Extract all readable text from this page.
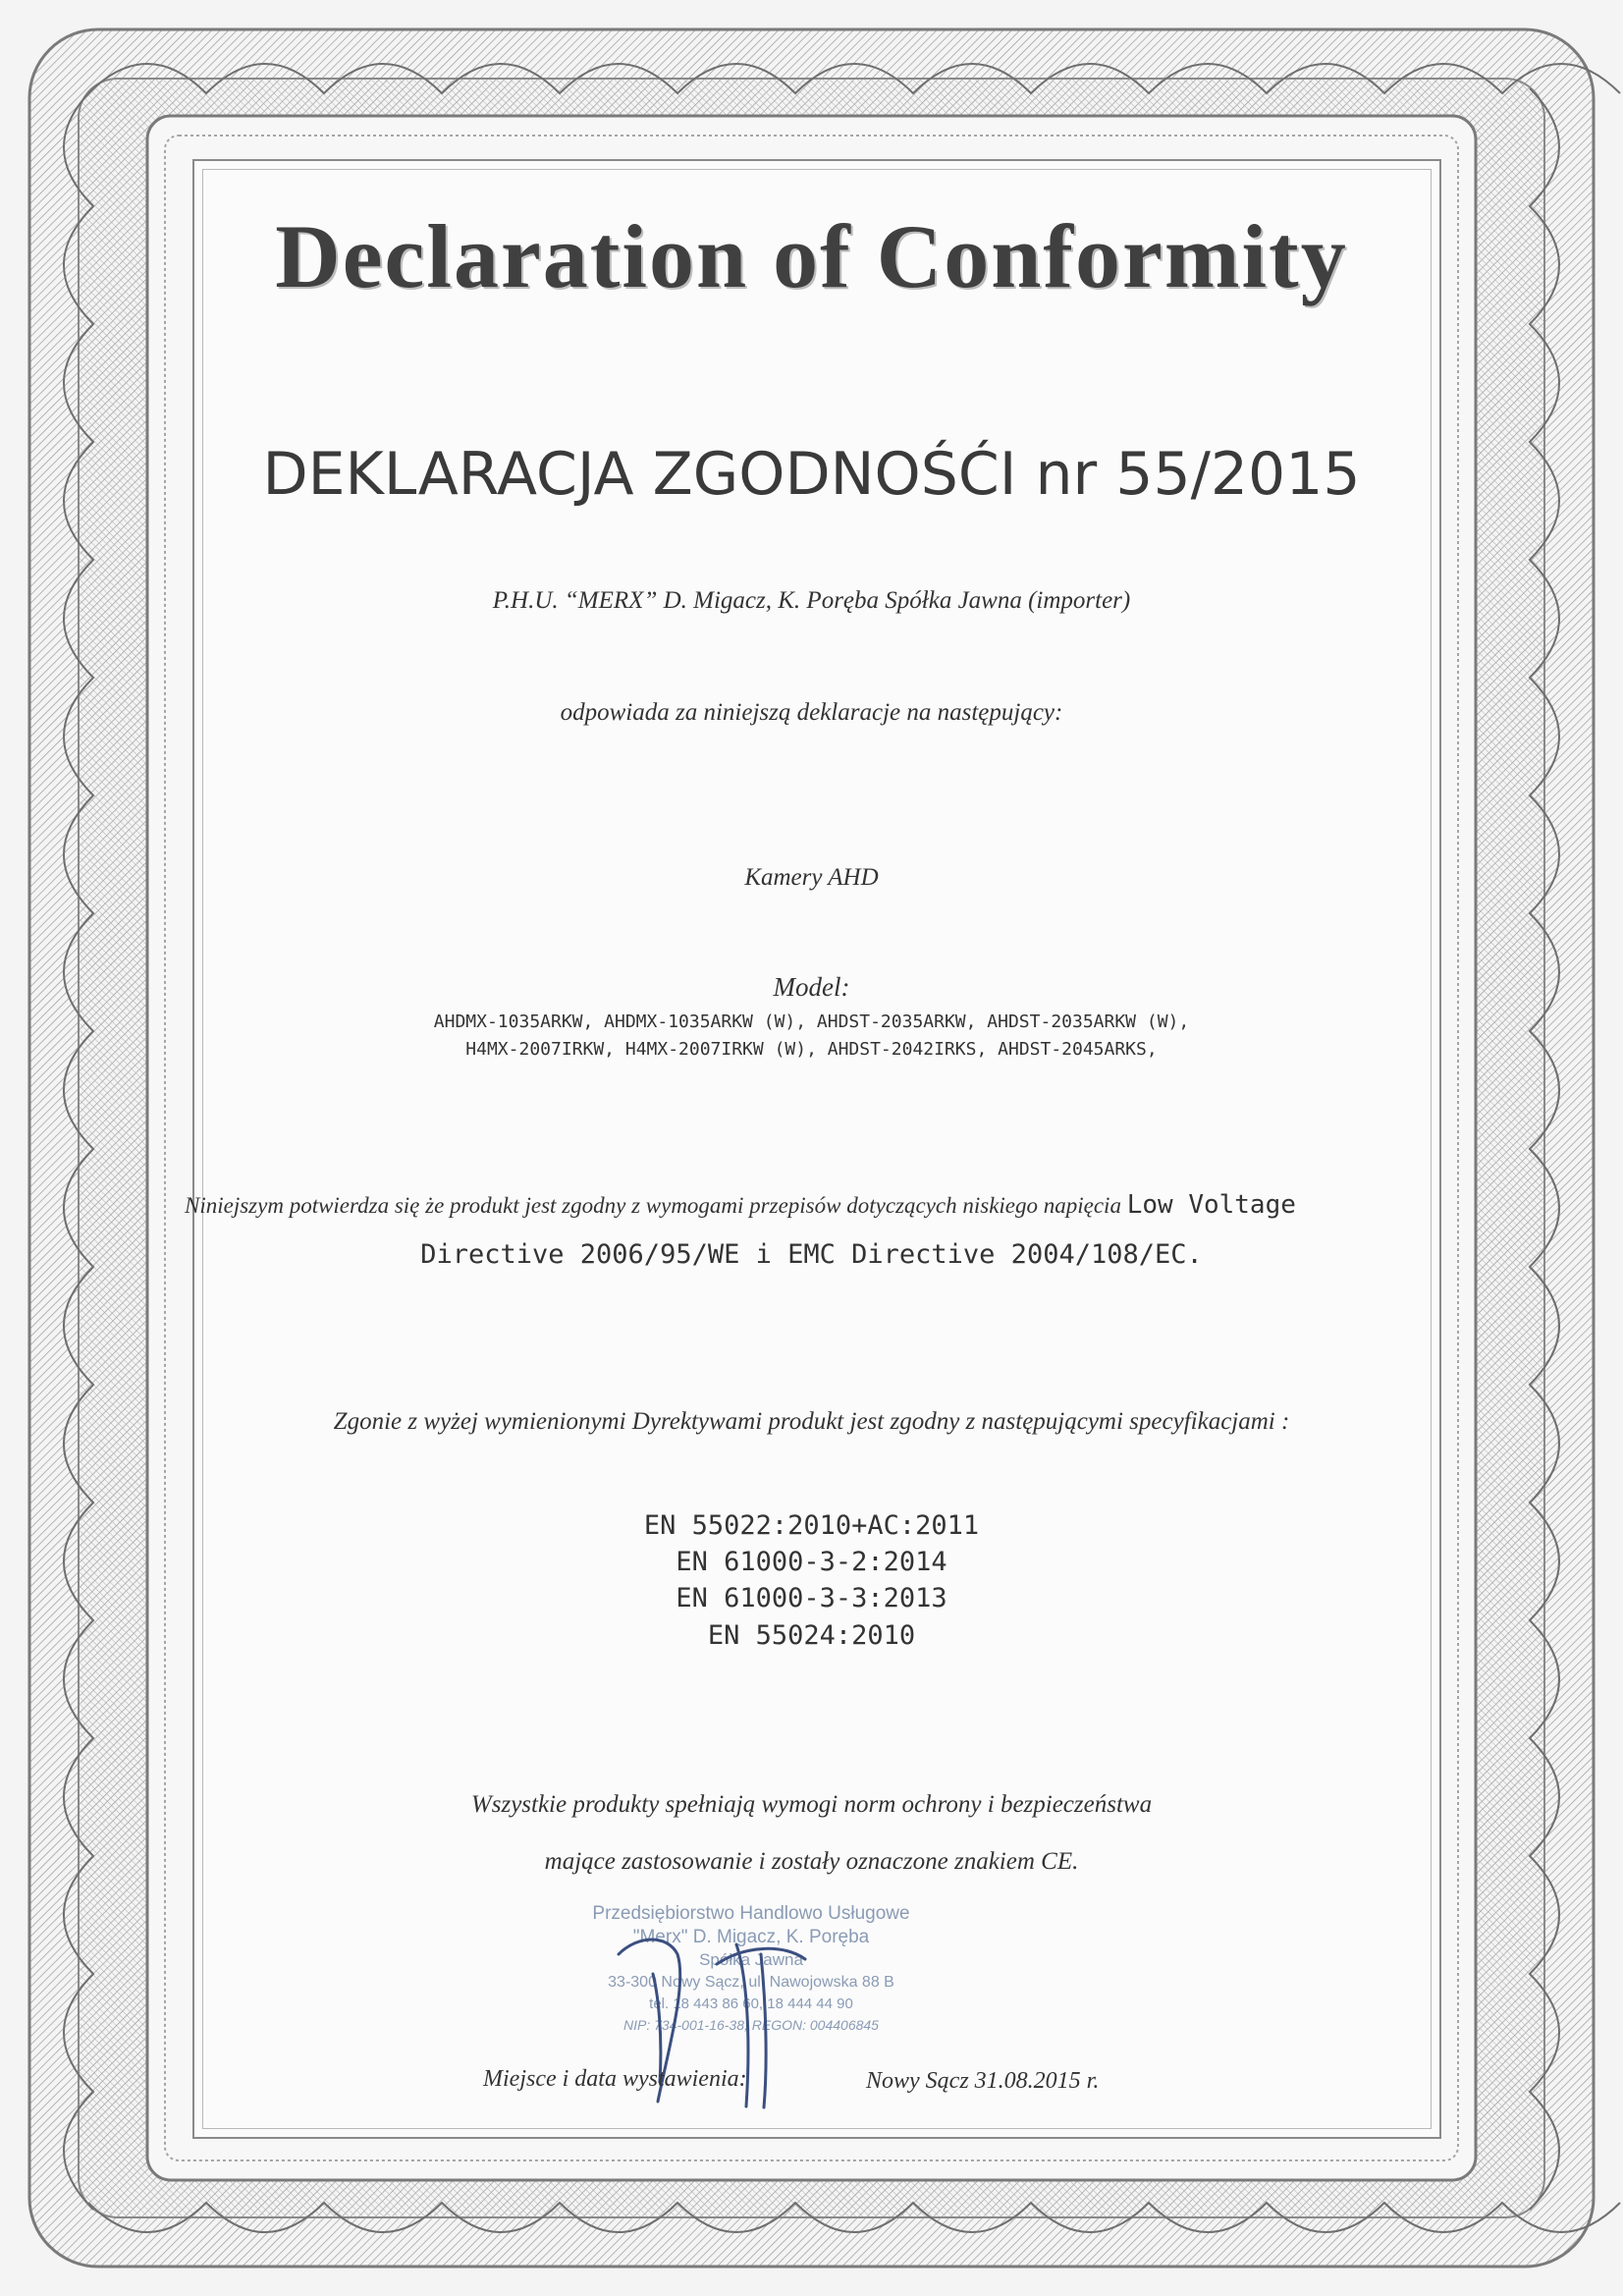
Declaration of Conformity
DEKLARACJA ZGODNOŚĆI nr 55/2015
P.H.U. “MERX” D. Migacz, K. Poręba Spółka Jawna (importer)
odpowiada za niniejszą deklaracje na następujący:
Kamery AHD
Model:
AHDMX-1035ARKW, AHDMX-1035ARKW (W), AHDST-2035ARKW, AHDST-2035ARKW (W),
H4MX-2007IRKW, H4MX-2007IRKW (W), AHDST-2042IRKS, AHDST-2045ARKS,
Niniejszym potwierdza się że produkt jest zgodny z wymogami przepisów dotyczących niskiego napięcia Low Voltage
Directive 2006/95/WE i EMC Directive 2004/108/EC.
Zgonie z wyżej wymienionymi Dyrektywami produkt jest zgodny z następującymi specyfikacjami :
EN 55022:2010+AC:2011
EN 61000-3-2:2014
EN 61000-3-3:2013
EN 55024:2010
Wszystkie produkty spełniają wymogi norm ochrony i bezpieczeństwa
mające zastosowanie i zostały oznaczone znakiem CE.
Przedsiębiorstwo Handlowo Usługowe
"Merx" D. Migacz, K. Poręba
Spółka Jawna
33-300 Nowy Sącz, ul. Nawojowska 88 B
tel. 18 443 86 60, 18 444 44 90
NIP: 734-001-16-38, REGON: 004406845
Miejsce i data wystawienia:	Nowy Sącz 31.08.2015 r.
